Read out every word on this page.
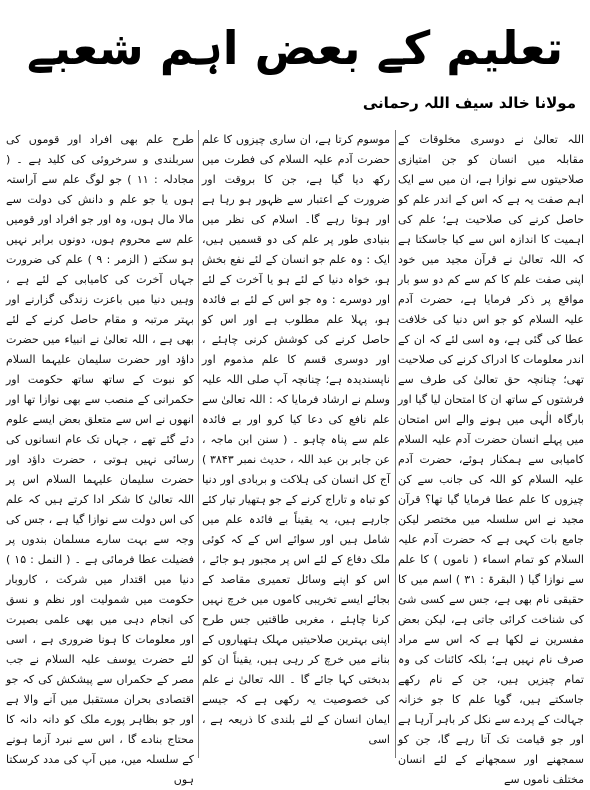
تعلیم کے بعض اہم شعبے
مولانا خالد سیف اللہ رحمانی

اللہ تعالیٰ نے دوسری مخلوقات کے مقابلہ میں انسان کو جن امتیازی صلاحیتوں سے نوازا ہے، ان میں سے ایک اہم صفت یہ ہے کہ اس کے اندر علم کو حاصل کرنے کی صلاحیت ہے؛ علم کی اہمیت کا اندازہ اس سے کیا جاسکتا ہے کہ اللہ تعالیٰ نے قرآن مجید میں خود اپنی صفت علم کا کم سے کم دو سو بار مواقع پر ذکر فرمایا ہے، حضرت آدم علیہ السلام کو جو اس دنیا کی خلافت عطا کی گئی ہے، وہ اسی لئے کہ ان کے اندر معلومات کا ادراک کرنے کی صلاحیت تھی؛ چنانچہ حق تعالیٰ کی طرف سے فرشتوں کے ساتھ ان کا امتحان لیا گیا اور بارگاہ الٰہی میں ہونے والے اس امتحان میں پہلے انسان حضرت آدم علیہ السلام کامیابی سے ہمکنار ہوئے، حضرت آدم علیہ السلام کو اللہ کی جانب سے کن چیزوں کا علم عطا فرمایا گیا تھا؟ قرآن مجید نے اس سلسلہ میں مختصر لیکن جامع بات کہی ہے کہ حضرت آدم علیہ السلام کو تمام اسماء ( ناموں ) کا علم سے نوازا گیا ( البقرۃ : ۳۱ ) اسم میں کا حقیقی نام بھی ہے، جس سے کسی شئ کی شناخت کرائی جاتی ہے، لیکن بعض مفسرین نے لکھا ہے کہ اس سے مراد صرف نام نہیں ہے؛ بلکہ کائنات کی وہ تمام چیزیں ہیں، جن کے نام رکھے جاسکتے ہیں، گویا علم کا جو خزانہ جہالت کے پردے سے نکل کر باہر آرہا ہے اور جو قیامت تک آتا رہے گا، جن کو سمجھنے اور سمجھانے کے لئے انسان مختلف ناموں سے

موسوم کرتا ہے، ان ساری چیزوں کا علم حضرت آدم علیہ السلام کی فطرت میں رکھ دیا گیا ہے، جن کا بروقت اور ضرورت کے اعتبار سے ظہور ہو رہا ہے اور ہوتا رہے گا۔ اسلام کی نظر میں بنیادی طور پر علم کی دو قسمیں ہیں، ایک : وہ علم جو انسان کے لئے نفع بخش ہو، خواہ دنیا کے لئے ہو یا آخرت کے لئے اور دوسرے : وہ جو اس کے لئے بے فائدہ ہو، پہلا علم مطلوب ہے اور اس کو حاصل کرنے کی کوشش کرنی چاہئے ، اور دوسری قسم کا علم مذموم اور ناپسندیدہ ہے؛ چنانچہ آپ صلی اللہ علیہ وسلم نے ارشاد فرمایا کہ : اللہ تعالیٰ سے علم نافع کی دعا کیا کرو اور بے فائدہ علم سے پناہ چاہو ۔ ( سنن ابن ماجہ ، عن جابر بن عبد اللہ ، حدیث نمبر ۳۸۴۳ ) آج کل انسان کی ہلاکت و بربادی اور دنیا کو تباہ و تاراج کرنے کے جو ہتھیار تیار کئے جارہے ہیں، یہ یقیناً بے فائدہ علم میں شامل ہیں اور سوائے اس کے کہ کوئی ملک دفاع کے لئے اس پر مجبور ہو جائے ، اس کو اپنے وسائل تعمیری مقاصد کے بجائے ایسے تخریبی کاموں میں خرچ نہیں کرنا چاہئے ، مغربی طاقتیں جس طرح اپنی بہترین صلاحیتیں مہلک ہتھیاروں کے بنانے میں خرچ کر رہی ہیں، یقیناً ان کو بدبختی کہا جائے گا ۔ اللہ تعالیٰ نے علم کی خصوصیت یہ رکھی ہے کہ جیسے ایمان انسان کے لئے بلندی کا ذریعہ ہے ، اسی

طرح علم بھی افراد اور قوموں کی سربلندی و سرخروئی کی کلید ہے ۔ ( مجادلہ : ۱۱ ) جو لوگ علم سے آراستہ ہوں یا جو علم و دانش کی دولت سے مالا مال ہوں، وہ اور جو افراد اور قومیں علم سے محروم ہوں، دونوں برابر نہیں ہو سکتے ( الزمر : ۹ ) علم کی ضرورت جہاں آخرت کی کامیابی کے لئے ہے ، وہیں دنیا میں باعزت زندگی گزارنے اور بہتر مرتبہ و مقام حاصل کرنے کے لئے بھی ہے ، اللہ تعالیٰ نے انبیاء میں حضرت داؤد اور حضرت سلیمان علیہما السلام کو نبوت کے ساتھ ساتھ حکومت اور حکمرانی کے منصب سے بھی نوازا تھا اور انھوں نے اس سے متعلق بعض ایسے علوم دئے گئے تھے ، جہاں تک عام انسانوں کی رسائی نہیں ہوتی ، حضرت داؤد اور حضرت سلیمان علیہما السلام اس پر اللہ تعالیٰ کا شکر ادا کرتے ہیں کہ علم کی اس دولت سے نوازا گیا ہے ، جس کی وجہ سے بہت سارے مسلمان بندوں پر فضیلت عطا فرمائی ہے ۔ ( النمل : ۱۵ ) دنیا میں اقتدار میں شرکت ، کاروبار حکومت میں شمولیت اور نظم و نسق کی انجام دہی میں بھی علمی بصیرت اور معلومات کا ہونا ضروری ہے ، اسی لئے حضرت یوسف علیہ السلام نے جب مصر کے حکمراں سے پیشکش کی کہ جو اقتصادی بحران مستقبل میں آنے والا ہے اور جو بظاہر پورے ملک کو دانہ دانہ کا محتاج بنادے گا ، اس سے نبرد آزما ہونے کے سلسلہ میں، میں آپ کی مدد کرسکتا ہوں
